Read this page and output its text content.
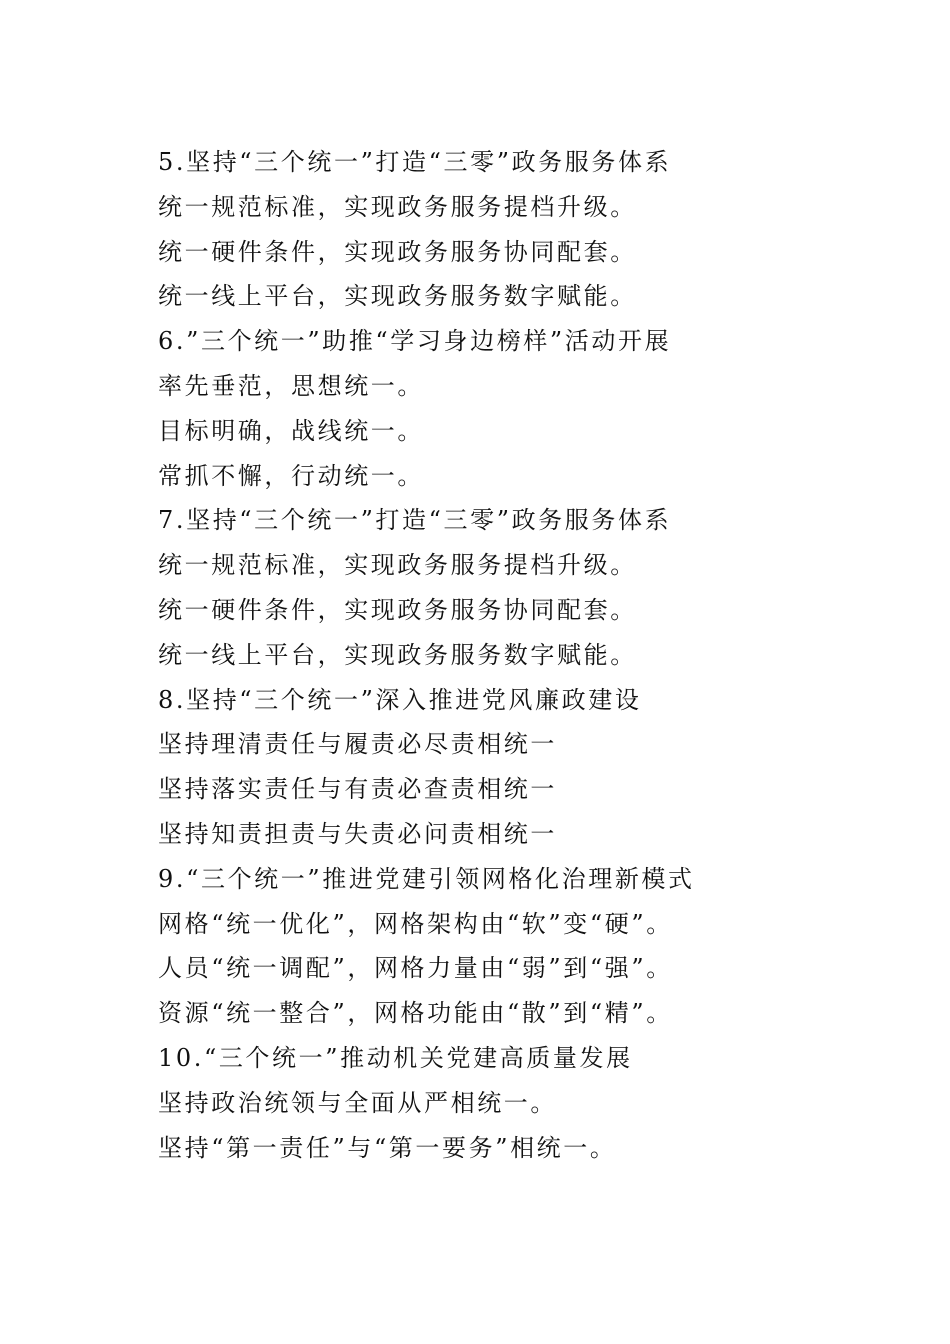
5.坚持“三个统一”打造“三零”政务服务体系
统一规范标准，实现政务服务提档升级。
统一硬件条件，实现政务服务协同配套。
统一线上平台，实现政务服务数字赋能。
6.”三个统一”助推“学习身边榜样”活动开展
率先垂范，思想统一。
目标明确，战线统一。
常抓不懈，行动统一。
7.坚持“三个统一”打造“三零”政务服务体系
统一规范标准，实现政务服务提档升级。
统一硬件条件，实现政务服务协同配套。
统一线上平台，实现政务服务数字赋能。
8.坚持“三个统一”深入推进党风廉政建设
坚持理清责任与履责必尽责相统一
坚持落实责任与有责必查责相统一
坚持知责担责与失责必问责相统一
9.“三个统一”推进党建引领网格化治理新模式
网格“统一优化”，网格架构由“软”变“硬”。
人员“统一调配”，网格力量由“弱”到“强”。
资源“统一整合”，网格功能由“散”到“精”。
10.“三个统一”推动机关党建高质量发展
坚持政治统领与全面从严相统一。
坚持“第一责任”与“第一要务”相统一。
